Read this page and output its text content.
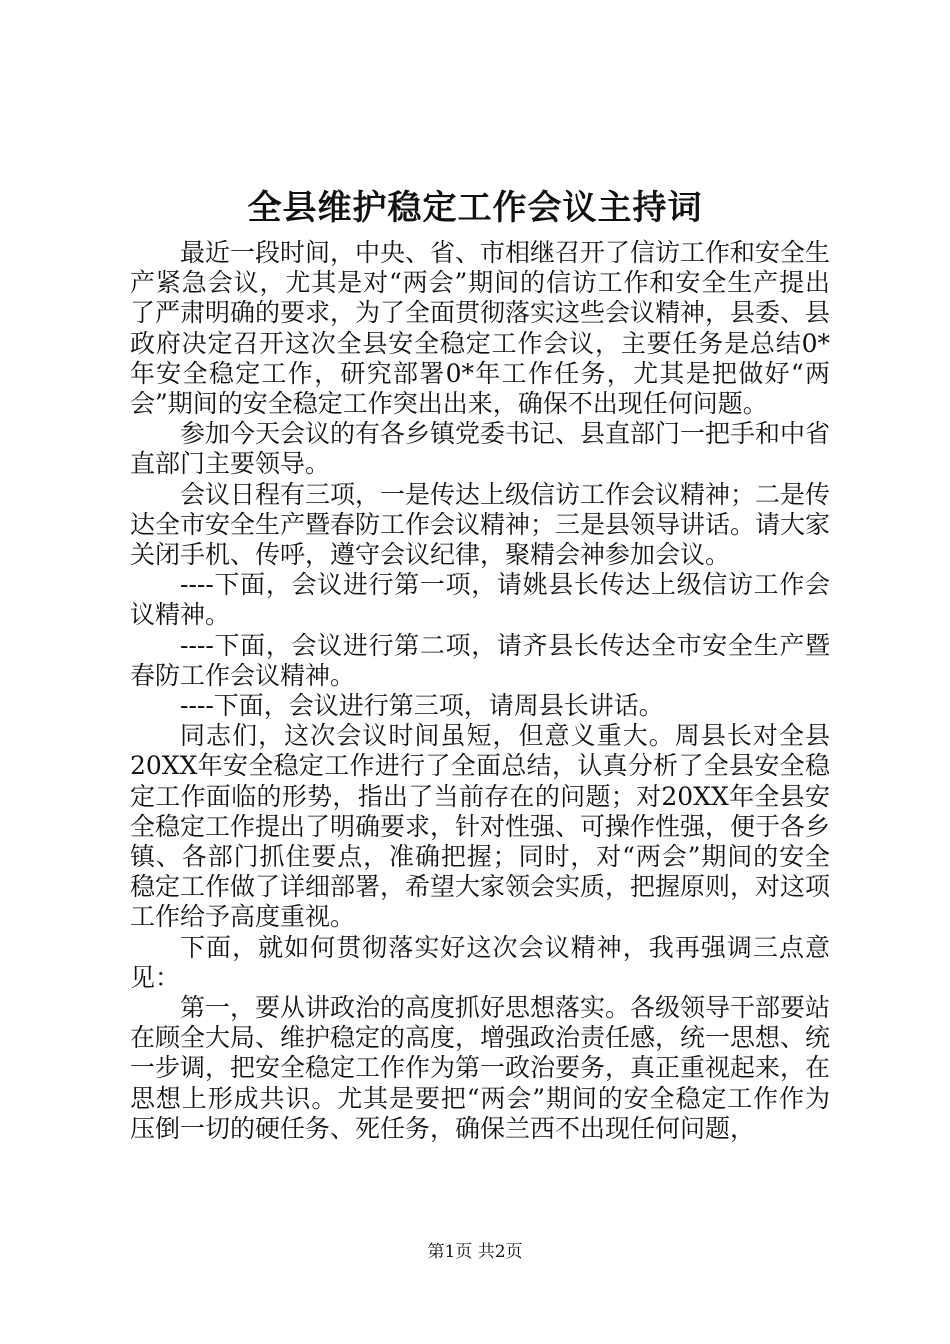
全县维护稳定工作会议主持词

最近一段时间，中央、省、市相继召开了信访工作和安全生产紧急会议，尤其是对“两会”期间的信访工作和安全生产提出了严肃明确的要求，为了全面贯彻落实这些会议精神，县委、县政府决定召开这次全县安全稳定工作会议，主要任务是总结0*年安全稳定工作，研究部署0*年工作任务，尤其是把做好“两会”期间的安全稳定工作突出出来，确保不出现任何问题。

参加今天会议的有各乡镇党委书记、县直部门一把手和中省直部门主要领导。

会议日程有三项，一是传达上级信访工作会议精神；二是传达全市安全生产暨春防工作会议精神；三是县领导讲话。请大家关闭手机、传呼，遵守会议纪律，聚精会神参加会议。

----下面，会议进行第一项，请姚县长传达上级信访工作会议精神。

----下面，会议进行第二项，请齐县长传达全市安全生产暨春防工作会议精神。

----下面，会议进行第三项，请周县长讲话。

同志们，这次会议时间虽短，但意义重大。周县长对全县20XX年安全稳定工作进行了全面总结，认真分析了全县安全稳定工作面临的形势，指出了当前存在的问题；对20XX年全县安全稳定工作提出了明确要求，针对性强、可操作性强，便于各乡镇、各部门抓住要点，准确把握；同时，对“两会”期间的安全稳定工作做了详细部署，希望大家领会实质，把握原则，对这项工作给予高度重视。

下面，就如何贯彻落实好这次会议精神，我再强调三点意见：

第一，要从讲政治的高度抓好思想落实。各级领导干部要站在顾全大局、维护稳定的高度，增强政治责任感，统一思想、统一步调，把安全稳定工作作为第一政治要务，真正重视起来，在思想上形成共识。尤其是要把“两会”期间的安全稳定工作作为压倒一切的硬任务、死任务，确保兰西不出现任何问题，

第1页 共2页
